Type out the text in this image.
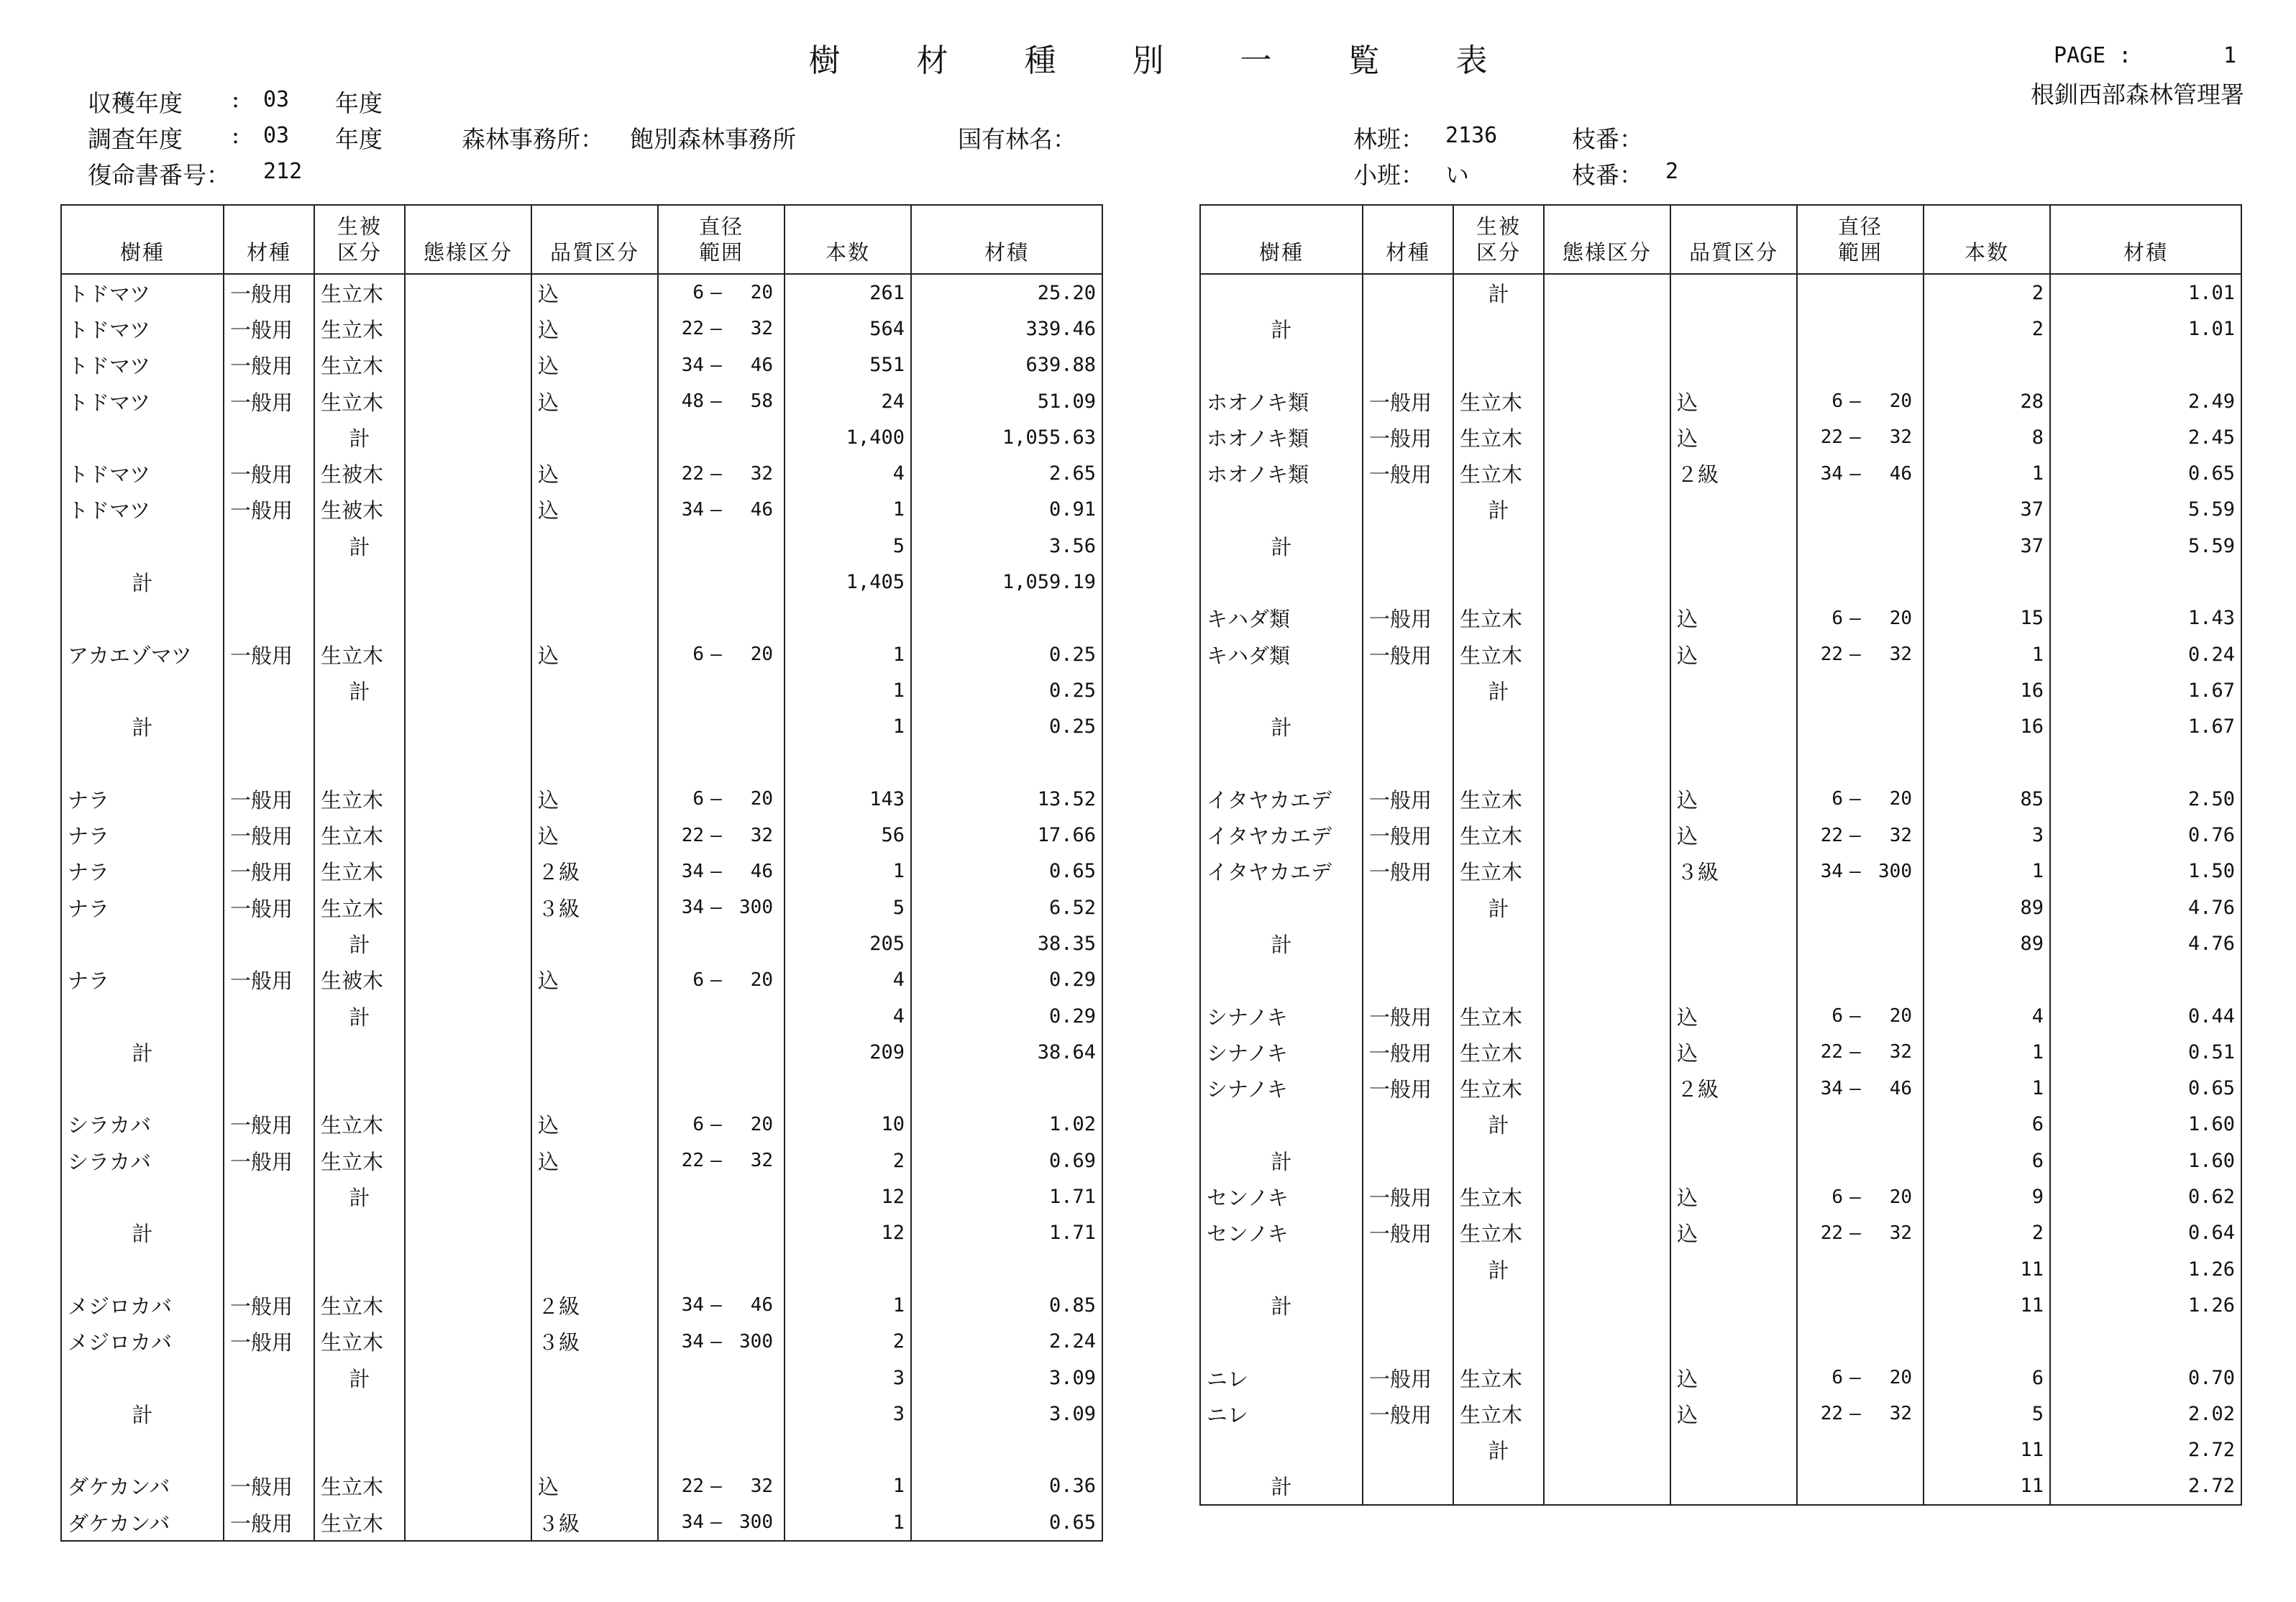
樹 材 種 別 一 覧 表	PAGE :	1
根釧西部森林管理署
収穫年度 : 03 年度
調査年度 : 03 年度	森林事務所： 飽別森林事務所	国有林名：	林班： 2136	枝番：
復命書番号： 212	小班： い	枝番： 2

樹種	材種	生被
区分	態様区分	品質区分	直径
範囲	本数	材積
トドマツ	一般用	生立木		込	6 — 20	261	25.20
トドマツ	一般用	生立木		込	22 — 32	564	339.46
トドマツ	一般用	生立木		込	34 — 46	551	639.88
トドマツ	一般用	生立木		込	48 — 58	24	51.09
		計				1,400	1,055.63
トドマツ	一般用	生被木		込	22 — 32	4	2.65
トドマツ	一般用	生被木		込	34 — 46	1	0.91
		計				5	3.56
計						1,405	1,059.19

アカエゾマツ	一般用	生立木		込	6 — 20	1	0.25
		計				1	0.25
計						1	0.25

ナラ	一般用	生立木		込	6 — 20	143	13.52
ナラ	一般用	生立木		込	22 — 32	56	17.66
ナラ	一般用	生立木		２級	34 — 46	1	0.65
ナラ	一般用	生立木		３級	34 — 300	5	6.52
		計				205	38.35
ナラ	一般用	生被木		込	6 — 20	4	0.29
		計				4	0.29
計						209	38.64

シラカバ	一般用	生立木		込	6 — 20	10	1.02
シラカバ	一般用	生立木		込	22 — 32	2	0.69
		計				12	1.71
計						12	1.71

メジロカバ	一般用	生立木		２級	34 — 46	1	0.85
メジロカバ	一般用	生立木		３級	34 — 300	2	2.24
		計				3	3.09
計						3	3.09

ダケカンバ	一般用	生立木		込	22 — 32	1	0.36
ダケカンバ	一般用	生立木		３級	34 — 300	1	0.65

樹種	材種	生被
区分	態様区分	品質区分	直径
範囲	本数	材積
		計				2	1.01
計						2	1.01

ホオノキ類	一般用	生立木		込	6 — 20	28	2.49
ホオノキ類	一般用	生立木		込	22 — 32	8	2.45
ホオノキ類	一般用	生立木		２級	34 — 46	1	0.65
		計				37	5.59
計						37	5.59

キハダ類	一般用	生立木		込	6 — 20	15	1.43
キハダ類	一般用	生立木		込	22 — 32	1	0.24
		計				16	1.67
計						16	1.67

イタヤカエデ	一般用	生立木		込	6 — 20	85	2.50
イタヤカエデ	一般用	生立木		込	22 — 32	3	0.76
イタヤカエデ	一般用	生立木		３級	34 — 300	1	1.50
		計				89	4.76
計						89	4.76

シナノキ	一般用	生立木		込	6 — 20	4	0.44
シナノキ	一般用	生立木		込	22 — 32	1	0.51
シナノキ	一般用	生立木		２級	34 — 46	1	0.65
		計				6	1.60
計						6	1.60
センノキ	一般用	生立木		込	6 — 20	9	0.62
センノキ	一般用	生立木		込	22 — 32	2	0.64
		計				11	1.26
計						11	1.26

ニレ	一般用	生立木		込	6 — 20	6	0.70
ニレ	一般用	生立木		込	22 — 32	5	2.02
		計				11	2.72
計						11	2.72
